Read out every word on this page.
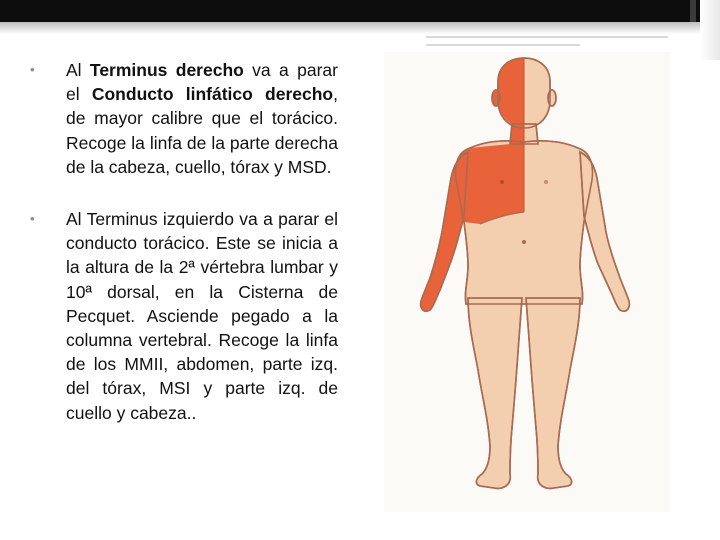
•	Al Terminus derecho va a parar el Conducto linfático derecho, de mayor calibre que el torácico. Recoge la linfa de la parte derecha de la cabeza, cuello, tórax y MSD.
•	Al Terminus izquierdo va a parar el conducto torácico. Este se inicia a la altura de la 2ª vértebra lumbar y 10ª dorsal, en la Cisterna de Pecquet. Asciende pegado a la columna vertebral. Recoge la linfa de los MMII, abdomen, parte izq. del tórax, MSI y parte izq. de cuello y cabeza..
